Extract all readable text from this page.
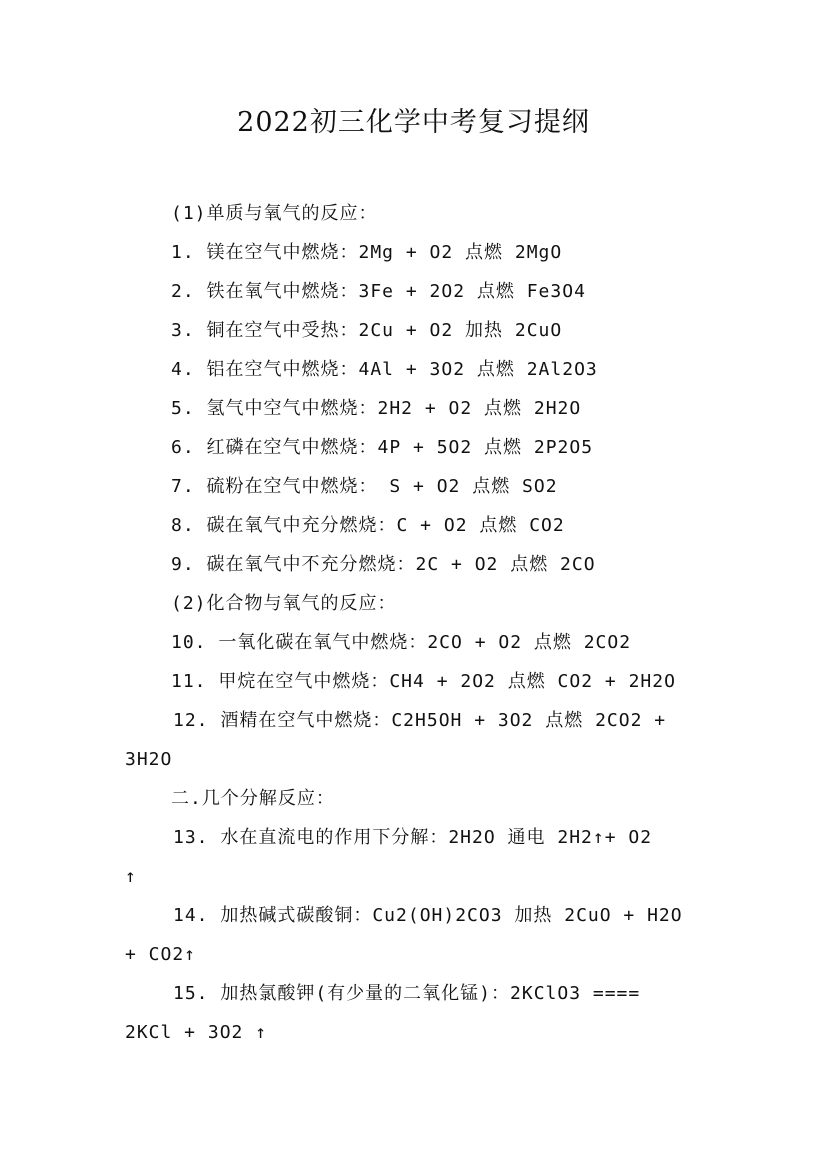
2022初三化学中考复习提纲
(1)单质与氧气的反应：
1. 镁在空气中燃烧：2Mg + O2 点燃 2MgO
2. 铁在氧气中燃烧：3Fe + 2O2 点燃 Fe3O4
3. 铜在空气中受热：2Cu + O2 加热 2CuO
4. 铝在空气中燃烧：4Al + 3O2 点燃 2Al2O3
5. 氢气中空气中燃烧：2H2 + O2 点燃 2H2O
6. 红磷在空气中燃烧：4P + 5O2 点燃 2P2O5
7. 硫粉在空气中燃烧： S + O2 点燃 SO2
8. 碳在氧气中充分燃烧：C + O2 点燃 CO2
9. 碳在氧气中不充分燃烧：2C + O2 点燃 2CO
(2)化合物与氧气的反应：
10. 一氧化碳在氧气中燃烧：2CO + O2 点燃 2CO2
11. 甲烷在空气中燃烧：CH4 + 2O2 点燃 CO2 + 2H2O
12. 酒精在空气中燃烧：C2H5OH + 3O2 点燃 2CO2 +
3H2O
二.几个分解反应：
13. 水在直流电的作用下分解：2H2O 通电 2H2↑+ O2
↑
14. 加热碱式碳酸铜：Cu2(OH)2CO3 加热 2CuO + H2O
+ CO2↑
15. 加热氯酸钾(有少量的二氧化锰)：2KClO3 ====
2KCl + 3O2 ↑
